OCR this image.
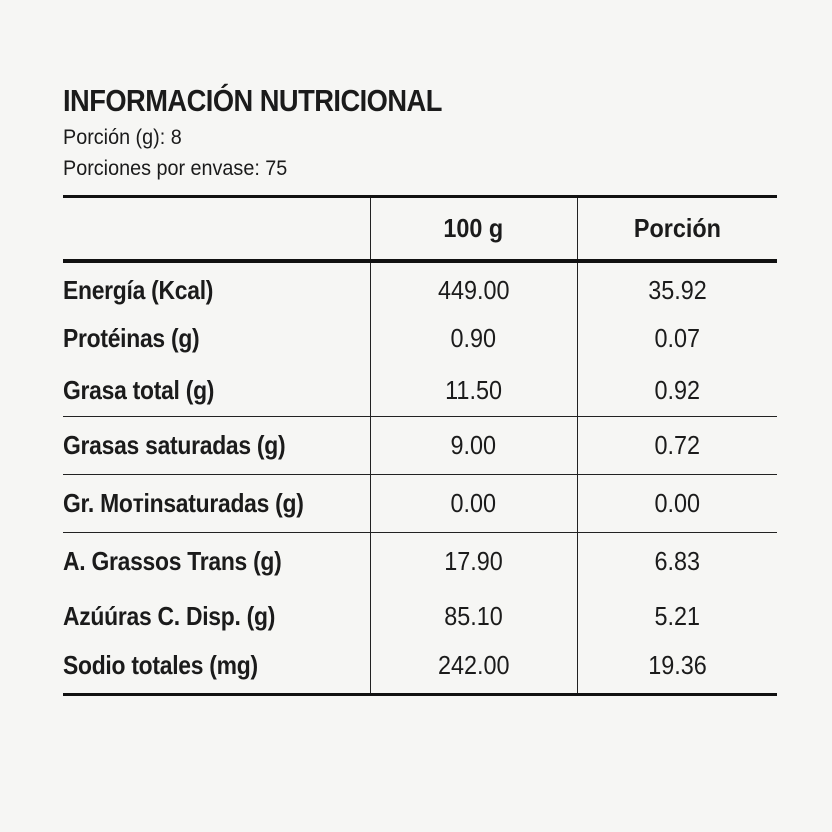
INFORMACIÓN NUTRICIONAL
Porción (g): 8
Porciones por envase: 75
	100 g	Porción
Energía (Kcal)	449.00	35.92
Protéinas (g)	0.90	0.07
Grasa total (g)	11.50	0.92
Grasas saturadas (g)	9.00	0.72
Gr. Moтinsaturadas (g)	0.00	0.00
A. Grassos Trans (g)	17.90	6.83
Azúúras C. Disp. (g)	85.10	5.21
Sodio totales (mg)	242.00	19.36
